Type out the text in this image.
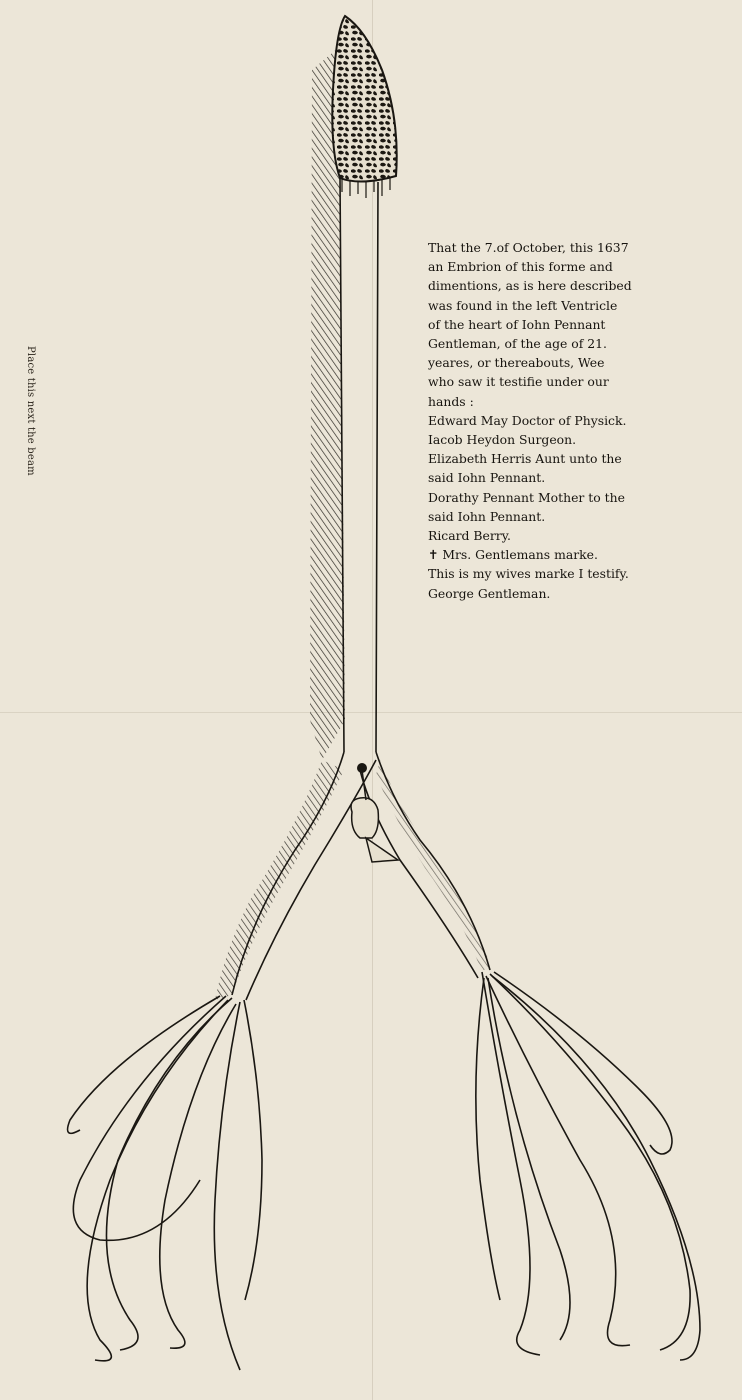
Place this next the beam
That the 7.of October, this 1637
an Embrion of this forme and
dimentions, as is here described
was found in the left Ventricle
of the heart of Iohn Pennant
Gentleman, of the age of 21.
yeares, or thereabouts, Wee
who saw it testifie under our
hands :
Edward May Doctor of Physick.
Iacob Heydon Surgeon.
Elizabeth Herris Aunt unto the
said Iohn Pennant.
Dorathy Pennant Mother to the
said Iohn Pennant.
Ricard Berry.
✝ Mrs. Gentlemans marke.
This is my wives marke I testify.
George Gentleman.
